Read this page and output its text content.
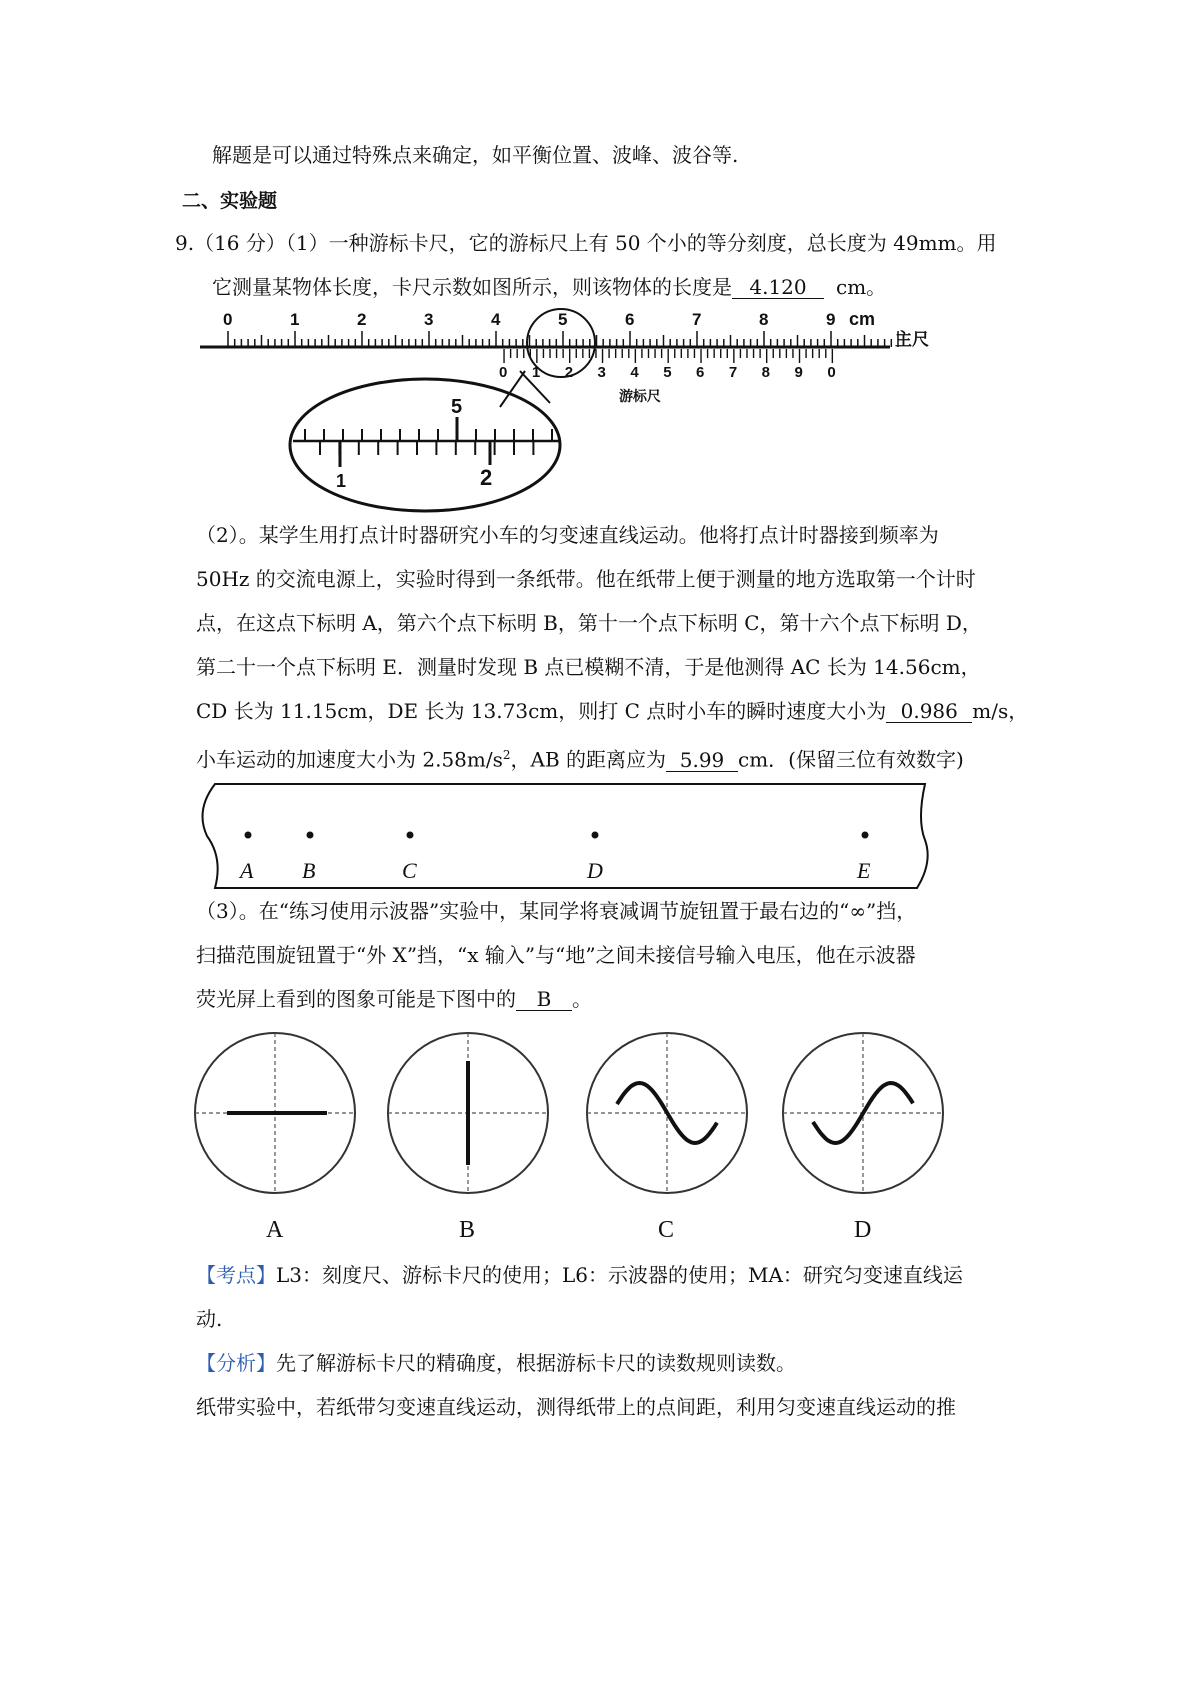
解题是可以通过特殊点来确定，如平衡位置、波峰、波谷等.
二、实验题
9.（16 分）（1）一种游标卡尺，它的游标尺上有 50 个小的等分刻度，总长度为 49mm。用
它测量某物体长度，卡尺示数如图所示，则该物体的长度是 4.120 cm。
0	1	2	3	4	5	6	7	8	9 cm
主尺
0 1 2 3 4 5 6 7 8 9 0
游标尺
5
1	2
（2）。某学生用打点计时器研究小车的匀变速直线运动。他将打点计时器接到频率为
50Hz 的交流电源上，实验时得到一条纸带。他在纸带上便于测量的地方选取第一个计时
点，在这点下标明 A，第六个点下标明 B，第十一个点下标明 C，第十六个点下标明 D，
第二十一个点下标明 E．测量时发现 B 点已模糊不清，于是他测得 AC 长为 14.56cm，
CD 长为 11.15cm，DE 长为 13.73cm，则打 C 点时小车的瞬时速度大小为 0.986 m/s，
小车运动的加速度大小为 $2.58m/s^2$，AB 的距离应为 5.99 cm．(保留三位有效数字)
A B	C	D	E
（3）。在“练习使用示波器”实验中，某同学将衰减调节旋钮置于最右边的“∞”挡，
扫描范围旋钮置于“外 X”挡，“x 输入”与“地”之间未接信号输入电压，他在示波器
荧光屏上看到的图象可能是下图中的 B 。
A	B	C	D
【考点】L3：刻度尺、游标卡尺的使用；L6：示波器的使用；MA：研究匀变速直线运
动.
【分析】先了解游标卡尺的精确度，根据游标卡尺的读数规则读数。
纸带实验中，若纸带匀变速直线运动，测得纸带上的点间距，利用匀变速直线运动的推
